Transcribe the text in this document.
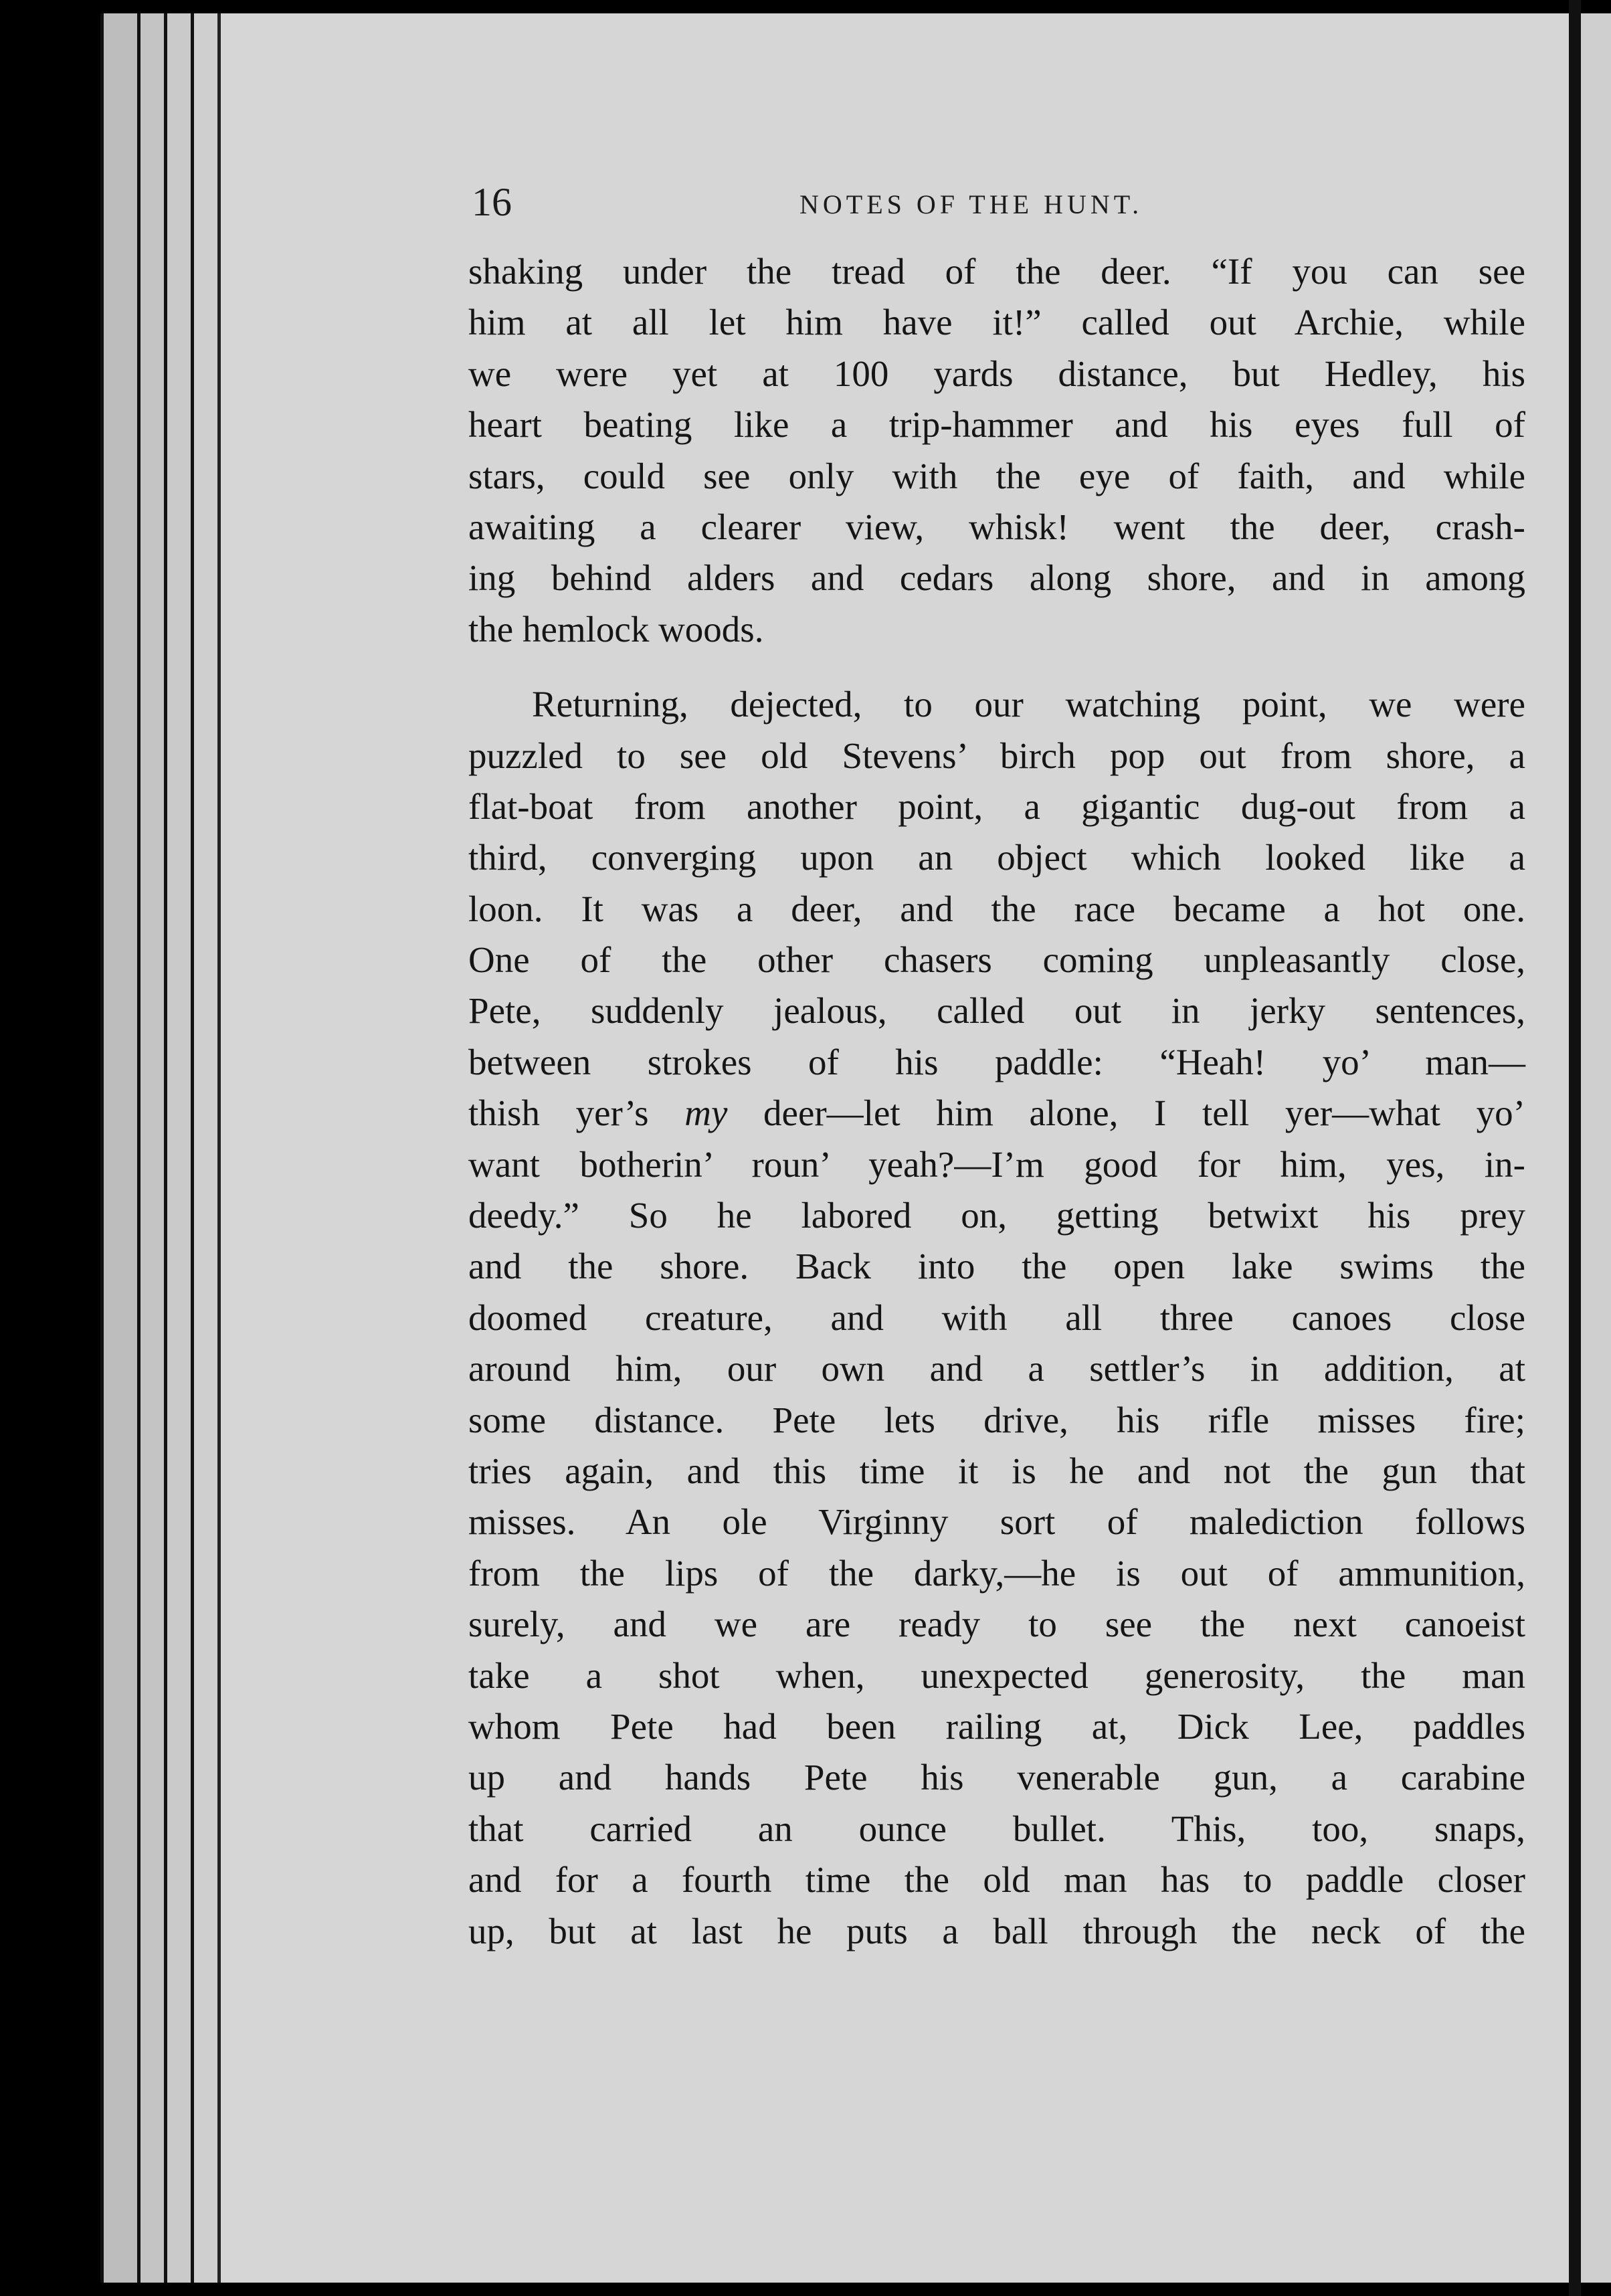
16	NOTES OF THE HUNT.
shaking under the tread of the deer. “If you can see
him at all let him have it!” called out Archie, while
we were yet at 100 yards distance, but Hedley, his
heart beating like a trip-hammer and his eyes full of
stars, could see only with the eye of faith, and while
awaiting a clearer view, whisk! went the deer, crash-
ing behind alders and cedars along shore, and in among
the hemlock woods.
Returning, dejected, to our watching point, we were
puzzled to see old Stevens’ birch pop out from shore, a
flat-boat from another point, a gigantic dug-out from a
third, converging upon an object which looked like a
loon. It was a deer, and the race became a hot one.
One of the other chasers coming unpleasantly close,
Pete, suddenly jealous, called out in jerky sentences,
between strokes of his paddle: “Heah! yo’ man—
thish yer’s my deer—let him alone, I tell yer—what yo’
want botherin’ roun’ yeah?—I’m good for him, yes, in-
deedy.” So he labored on, getting betwixt his prey
and the shore. Back into the open lake swims the
doomed creature, and with all three canoes close
around him, our own and a settler’s in addition, at
some distance. Pete lets drive, his rifle misses fire;
tries again, and this time it is he and not the gun that
misses. An ole Virginny sort of malediction follows
from the lips of the darky,—he is out of ammunition,
surely, and we are ready to see the next canoeist
take a shot when, unexpected generosity, the man
whom Pete had been railing at, Dick Lee, paddles
up and hands Pete his venerable gun, a carabine
that carried an ounce bullet. This, too, snaps,
and for a fourth time the old man has to paddle closer
up, but at last he puts a ball through the neck of the
